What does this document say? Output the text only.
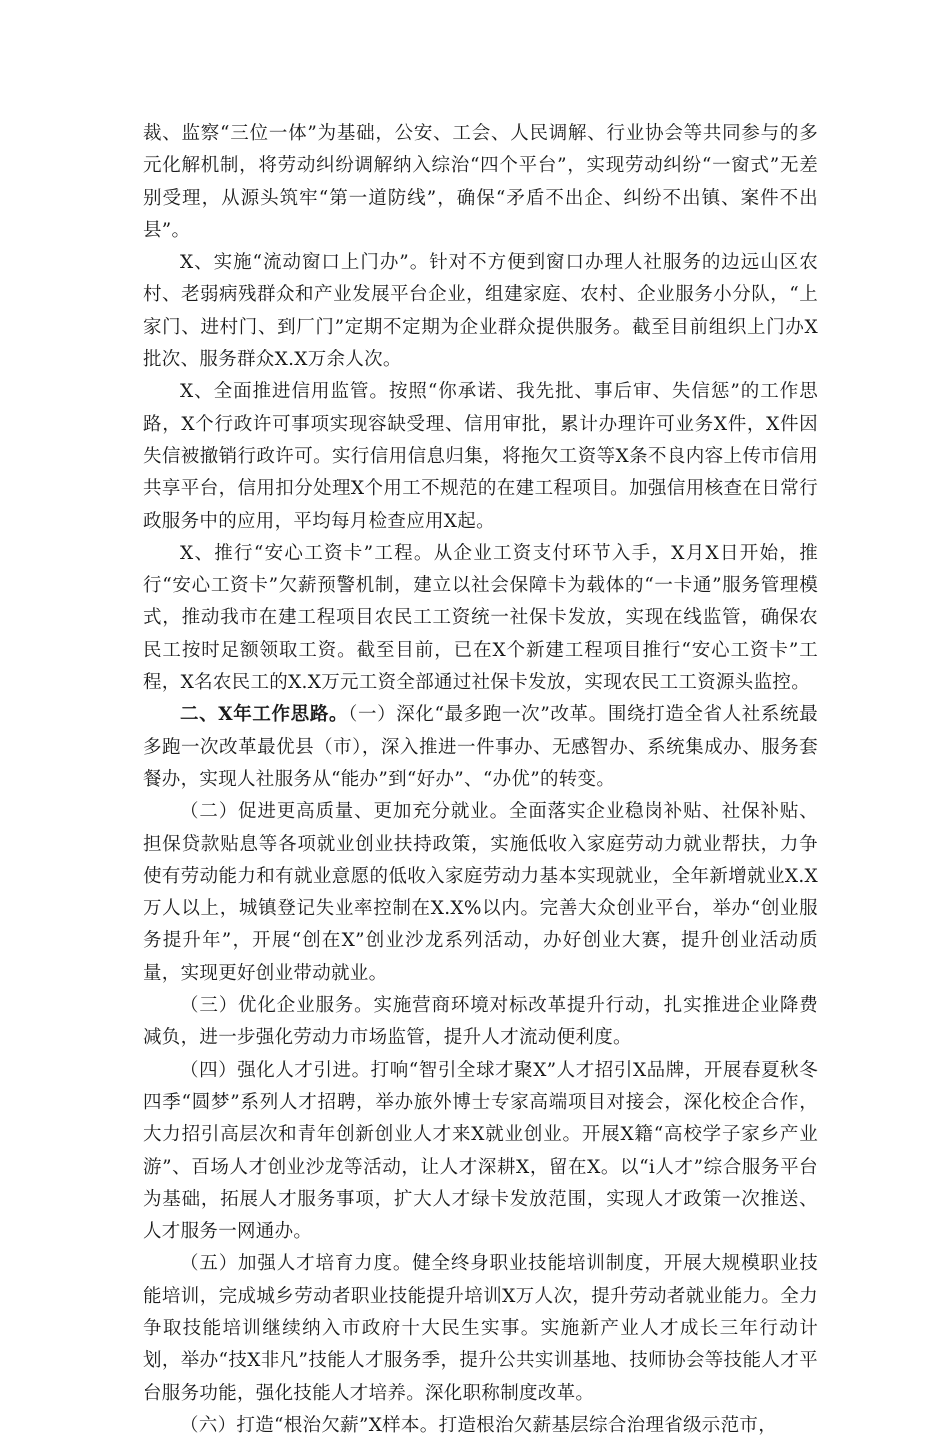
裁、监察“三位一体”为基础，公安、工会、人民调解、行业协会等共同参与的多元化解机制，将劳动纠纷调解纳入综治“四个平台”，实现劳动纠纷“一窗式”无差别受理，从源头筑牢“第一道防线”，确保“矛盾不出企、纠纷不出镇、案件不出县”。

X、实施“流动窗口上门办”。针对不方便到窗口办理人社服务的边远山区农村、老弱病残群众和产业发展平台企业，组建家庭、农村、企业服务小分队，“上家门、进村门、到厂门”定期不定期为企业群众提供服务。截至目前组织上门办X批次、服务群众X.X万余人次。

X、全面推进信用监管。按照“你承诺、我先批、事后审、失信惩”的工作思路，X个行政许可事项实现容缺受理、信用审批，累计办理许可业务X件，X件因失信被撤销行政许可。实行信用信息归集，将拖欠工资等X条不良内容上传市信用共享平台，信用扣分处理X个用工不规范的在建工程项目。加强信用核查在日常行政服务中的应用，平均每月检查应用X起。

X、推行“安心工资卡”工程。从企业工资支付环节入手，X月X日开始，推行“安心工资卡”欠薪预警机制，建立以社会保障卡为载体的“一卡通”服务管理模式，推动我市在建工程项目农民工工资统一社保卡发放，实现在线监管，确保农民工按时足额领取工资。截至目前，已在X个新建工程项目推行“安心工资卡”工程，X名农民工的X.X万元工资全部通过社保卡发放，实现农民工工资源头监控。

二、X年工作思路。（一）深化“最多跑一次”改革。围绕打造全省人社系统最多跑一次改革最优县（市），深入推进一件事办、无感智办、系统集成办、服务套餐办，实现人社服务从“能办”到“好办”、“办优”的转变。

（二）促进更高质量、更加充分就业。全面落实企业稳岗补贴、社保补贴、担保贷款贴息等各项就业创业扶持政策，实施低收入家庭劳动力就业帮扶，力争使有劳动能力和有就业意愿的低收入家庭劳动力基本实现就业，全年新增就业X.X万人以上，城镇登记失业率控制在X.X%以内。完善大众创业平台，举办“创业服务提升年”，开展“创在X”创业沙龙系列活动，办好创业大赛，提升创业活动质量，实现更好创业带动就业。

（三）优化企业服务。实施营商环境对标改革提升行动，扎实推进企业降费减负，进一步强化劳动力市场监管，提升人才流动便利度。

（四）强化人才引进。打响“智引全球才聚X”人才招引X品牌，开展春夏秋冬四季“圆梦”系列人才招聘，举办旅外博士专家高端项目对接会，深化校企合作，大力招引高层次和青年创新创业人才来X就业创业。开展X籍“高校学子家乡产业游”、百场人才创业沙龙等活动，让人才深耕X，留在X。以“i人才”综合服务平台为基础，拓展人才服务事项，扩大人才绿卡发放范围，实现人才政策一次推送、人才服务一网通办。

（五）加强人才培育力度。健全终身职业技能培训制度，开展大规模职业技能培训，完成城乡劳动者职业技能提升培训X万人次，提升劳动者就业能力。全力争取技能培训继续纳入市政府十大民生实事。实施新产业人才成长三年行动计划，举办“技X非凡”技能人才服务季，提升公共实训基地、技师协会等技能人才平台服务功能，强化技能人才培养。深化职称制度改革。

（六）打造“根治欠薪”X样本。打造根治欠薪基层综合治理省级示范市，
